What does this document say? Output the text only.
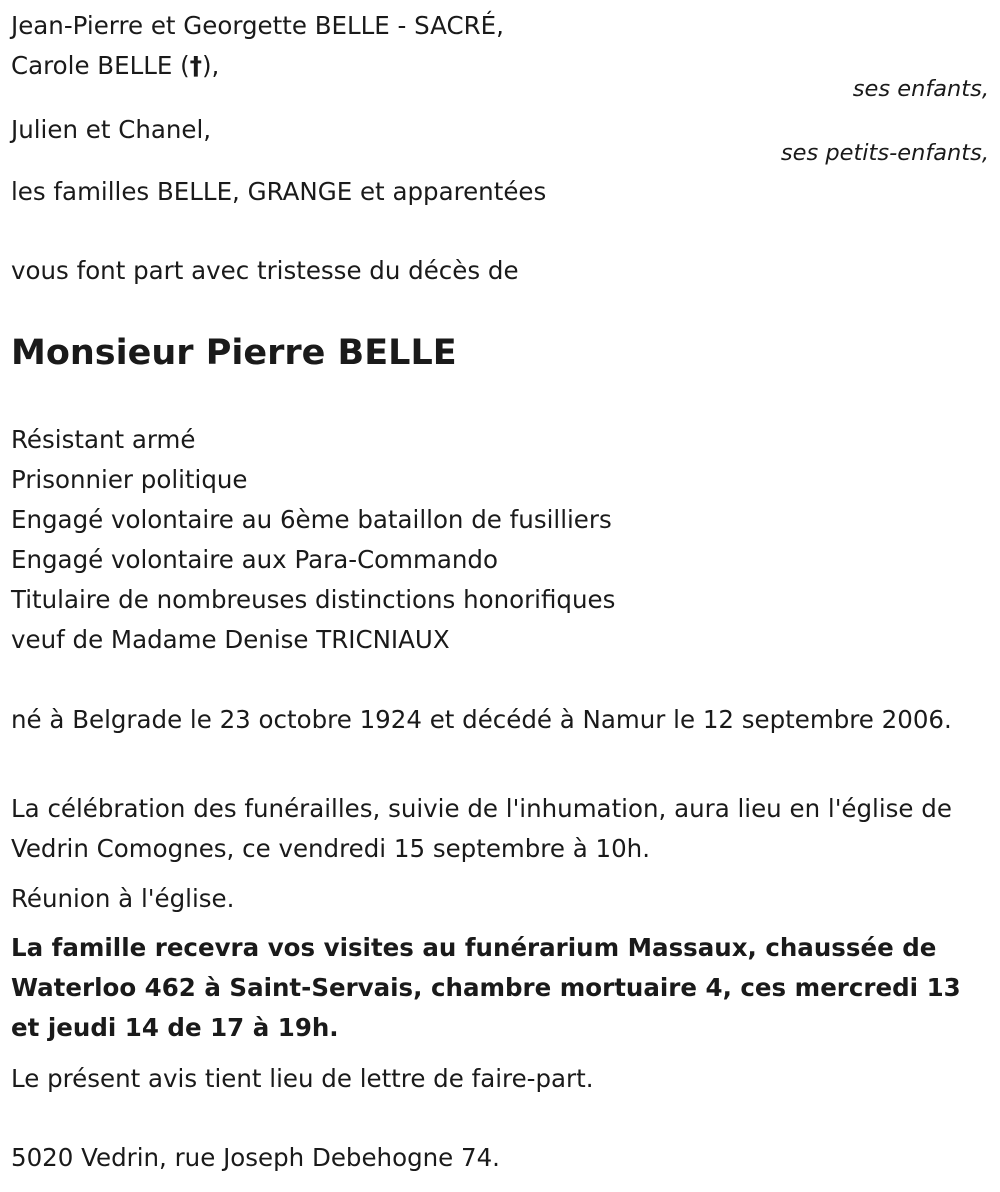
Jean-Pierre et Georgette BELLE - SACRÉ,
Carole BELLE (†),
ses enfants,
Julien et Chanel,
ses petits-enfants,
les familles BELLE, GRANGE et apparentées
vous font part avec tristesse du décès de
Monsieur Pierre BELLE
Résistant armé
Prisonnier politique
Engagé volontaire au 6ème bataillon de fusilliers
Engagé volontaire aux Para-Commando
Titulaire de nombreuses distinctions honorifiques
veuf de Madame Denise TRICNIAUX
né à Belgrade le 23 octobre 1924 et décédé à Namur le 12 septembre 2006.
La célébration des funérailles, suivie de l'inhumation, aura lieu en l'église de Vedrin Comognes, ce vendredi 15 septembre à 10h.
Réunion à l'église.
La famille recevra vos visites au funérarium Massaux, chaussée de Waterloo 462 à Saint-Servais, chambre mortuaire 4, ces mercredi 13 et jeudi 14 de 17 à 19h.
Le présent avis tient lieu de lettre de faire-part.
5020 Vedrin, rue Joseph Debehogne 74.
